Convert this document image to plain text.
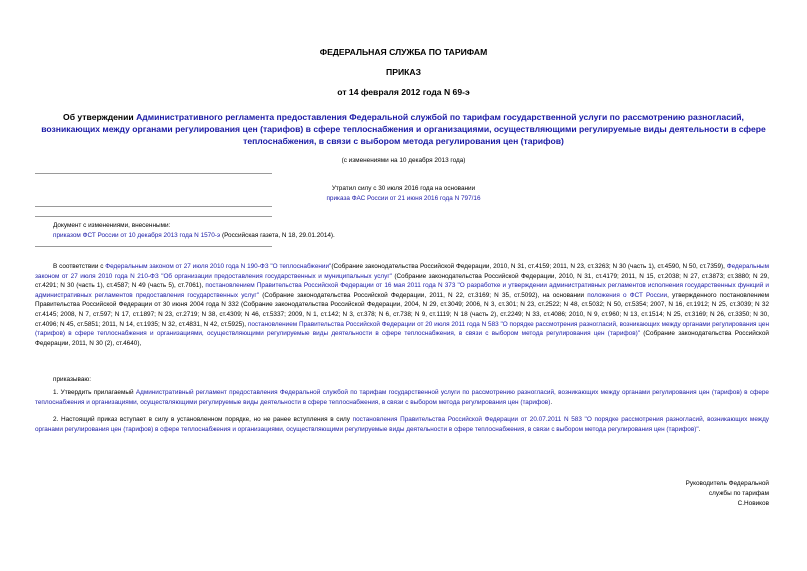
ФЕДЕРАЛЬНАЯ СЛУЖБА ПО ТАРИФАМ
ПРИКАЗ
от 14 февраля 2012 года N 69-э
Об утверждении Административного регламента предоставления Федеральной службой по тарифам государственной услуги по рассмотрению разногласий, возникающих между органами регулирования цен (тарифов) в сфере теплоснабжения и организациями, осуществляющими регулируемые виды деятельности в сфере теплоснабжения, в связи с выбором метода регулирования цен (тарифов)
(с изменениями на 10 декабря 2013 года)
Утратил силу с 30 июля 2016 года на основании
приказа ФАС России от 21 июня 2016 года N 797/16
Документ с изменениями, внесенными:
приказом ФСТ России от 10 декабря 2013 года N 1570-э (Российская газета, N 18, 29.01.2014).
В соответствии с Федеральным законом от 27 июля 2010 года N 190-ФЗ "О теплоснабжении"(Собрание законодательства Российской Федерации, 2010, N 31, ст.4159; 2011, N 23, ст.3263; N 30 (часть 1), ст.4590, N 50, ст.7359), Федеральным законом от 27 июля 2010 года N 210-ФЗ "Об организации предоставления государственных и муниципальных услуг" (Собрание законодательства Российской Федерации, 2010, N 31, ст.4179; 2011, N 15, ст.2038; N 27, ст.3873; ст.3880; N 29, ст.4291; N 30 (часть 1), ст.4587; N 49 (часть 5), ст.7061), постановлением Правительства Российской Федерации от 16 мая 2011 года N 373 "О разработке и утверждении административных регламентов исполнения государственных функций и административных регламентов предоставления государственных услуг" (Собрание законодательства Российской Федерации, 2011, N 22, ст.3169; N 35, ст.5092), на основании положения о ФСТ России, утвержденного постановлением Правительства Российской Федерации от 30 июня 2004 года N 332 (Собрание законодательства Российской Федерации, 2004, N 29, ст.3049; 2006, N 3, ст.301; N 23, ст.2522; N 48, ст.5032; N 50, ст.5354; 2007, N 16, ст.1912; N 25, ст.3039; N 32 ст.4145; 2008, N 7, ст.597; N 17, ст.1897; N 23, ст.2719; N 38, ст.4309; N 46, ст.5337; 2009, N 1, ст.142; N 3, ст.378; N 6, ст.738; N 9, ст.1119; N 18 (часть 2), ст.2249; N 33, ст.4086; 2010, N 9, ст.960; N 13, ст.1514; N 25, ст.3169; N 26, ст.3350; N 30, ст.4096; N 45, ст.5851; 2011, N 14, ст.1935; N 32, ст.4831, N 42, ст.5925), постановлением Правительства Российской Федерации от 20 июля 2011 года N 583 "О порядке рассмотрения разногласий, возникающих между органами регулирования цен (тарифов) в сфере теплоснабжения и организациями, осуществляющими регулируемые виды деятельности в сфере теплоснабжения, в связи с выбором метода регулирования цен (тарифов)" (Собрание законодательства Российской Федерации, 2011, N 30 (2), ст.4640),
приказываю:
1. Утвердить прилагаемый Административный регламент предоставления Федеральной службой по тарифам государственной услуги по рассмотрению разногласий, возникающих между органами регулирования цен (тарифов) в сфере теплоснабжения и организациями, осуществляющими регулируемые виды деятельности в сфере теплоснабжения, в связи с выбором метода регулирования цен (тарифов).
2. Настоящий приказ вступает в силу в установленном порядке, но не ранее вступления в силу постановления Правительства Российской Федерации от 20.07.2011 N 583 "О порядке рассмотрения разногласий, возникающих между органами регулирования цен (тарифов) в сфере теплоснабжения и организациями, осуществляющими регулируемые виды деятельности в сфере теплоснабжения, в связи с выбором метода регулирования цен (тарифов)".
Руководитель Федеральной
службы по тарифам
С.Новиков
